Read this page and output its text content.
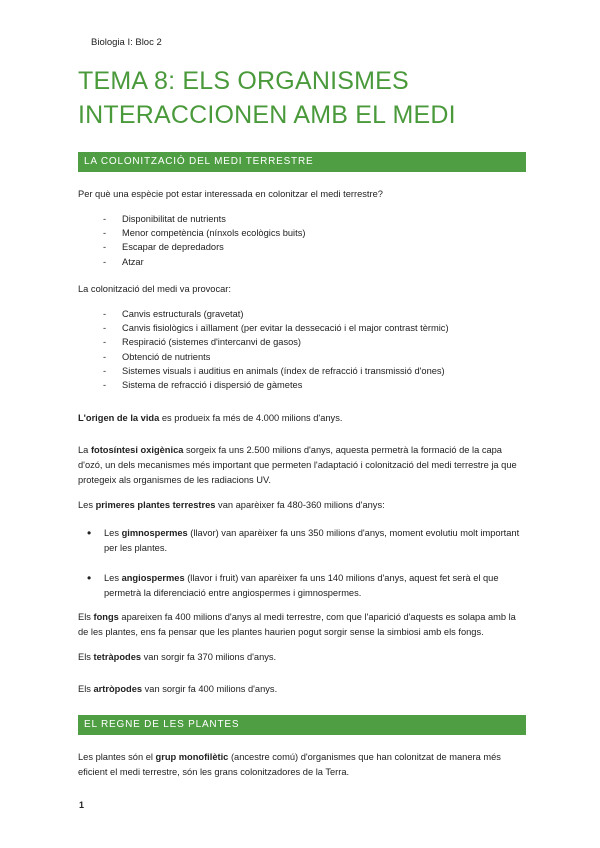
Biologia I: Bloc 2
TEMA 8: ELS ORGANISMES
INTERACCIONEN AMB EL MEDI
LA COLONITZACIÓ DEL MEDI TERRESTRE
Per què una espècie pot estar interessada en colonitzar el medi terrestre?
- Disponibilitat de nutrients
- Menor competència (nínxols ecològics buits)
- Escapar de depredadors
- Atzar
La colonització del medi va provocar:
- Canvis estructurals (gravetat)
- Canvis fisiològics i aïllament (per evitar la dessecació i el major contrast tèrmic)
- Respiració (sistemes d'intercanvi de gasos)
- Obtenció de nutrients
- Sistemes visuals i auditius en animals (índex de refracció i transmissió d'ones)
- Sistema de refracció i dispersió de gàmetes
L'origen de la vida es produeix fa més de 4.000 milions d'anys.
La fotosíntesi oxigènica sorgeix fa uns 2.500 milions d'anys, aquesta permetrà la formació de la capa d'ozó, un dels mecanismes més important que permeten l'adaptació i colonització del medi terrestre ja que protegeix als organismes de les radiacions UV.
Les primeres plantes terrestres van aparèixer fa 480-360 milions d'anys:
• Les gimnospermes (llavor) van aparèixer fa uns 350 milions d'anys, moment evolutiu molt important per les plantes.
• Les angiospermes (llavor i fruit) van aparèixer fa uns 140 milions d'anys, aquest fet serà el que permetrà la diferenciació entre angiospermes i gimnospermes.
Els fongs apareixen fa 400 milions d'anys al medi terrestre, com que l'aparició d'aquests es solapa amb la de les plantes, ens fa pensar que les plantes haurien pogut sorgir sense la simbiosi amb els fongs.
Els tetràpodes van sorgir fa 370 milions d'anys.
Els artròpodes van sorgir fa 400 milions d'anys.
EL REGNE DE LES PLANTES
Les plantes són el grup monofilètic (ancestre comú) d'organismes que han colonitzat de manera més eficient el medi terrestre, són les grans colonitzadores de la Terra.
1
